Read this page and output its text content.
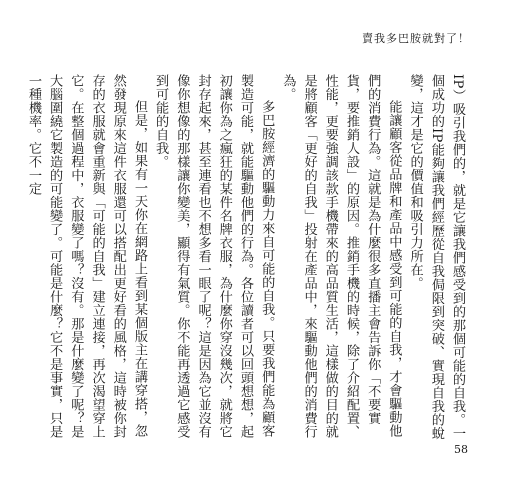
賣我多巴胺就對了！

IP）吸引我們的，就是它讓我們感受到的那個可能的自我。一個成功的IP能夠讓我們經歷從自我侷限到突破、實現自我的蛻變，這才是它的價值和吸引力所在。

能讓顧客從品牌和產品中感受到可能的自我，才會驅動他們的消費行為。這就是為什麼很多直播主會告訴你「不要實貨，要推銷人設」的原因。推銷手機的時候，除了介紹配置、性能，更要強調該款手機帶來的高品質生活，這樣做的目的就是將顧客「更好的自我」投射在產品中，來驅動他們的消費行為。

多巴胺經濟的驅動力來自可能的自我。只要我們能為顧客製造可能，就能驅動他們的行為。各位讀者可以回頭想想，起初讓你為之瘋狂的某件名牌衣服，為什麼你穿沒幾次，就將它封存起來，甚至連看也不想多看一眼了呢？這是因為它並沒有像你想像的那樣讓你變美，顯得有氣質。你不能再透過它感受到可能的自我。

但是，如果有一天你在網路上看到某個版主在講穿搭，忽然發現原來這件衣服還可以搭配出更好看的風格，這時被你封存的衣服就會重新與「可能的自我」建立連接，再次渴望穿上它。在整個過程中，衣服變了嗎？沒有。那是什麼變了呢？是大腦圍繞它製造的可能變了。可能是什麼？它不是事實，只是一種機率。它不一定

58
